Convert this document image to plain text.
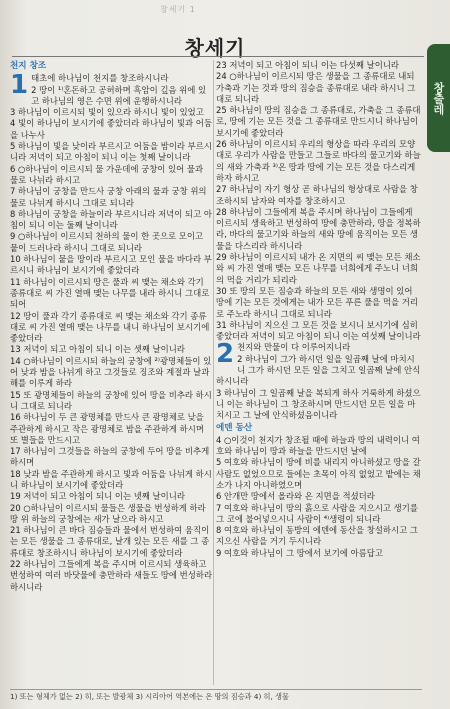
창세기 1
창세기
창출레
천지 창조
1 태초에 하나님이 천지를 창조하시니라
2 땅이 ¹⁾혼돈하고 공허하며 흑암이 깊음 위에 있고 하나님의 영은 수면 위에 운행하시니라
3 하나님이 이르시되 빛이 있으라 하시니 빛이 있었고
4 빛이 하나님이 보시기에 좋았더라 하나님이 빛과 어둠을 나누사
5 하나님이 빛을 낮이라 부르시고 어둠을 밤이라 부르시니라 저녁이 되고 아침이 되니 이는 첫째 날이니라
6 ○하나님이 이르시되 물 가운데에 궁창이 있어 물과 물로 나뉘라 하시고
7 하나님이 궁창을 만드사 궁창 아래의 물과 궁창 위의 물로 나뉘게 하시니 그대로 되니라
8 하나님이 궁창을 하늘이라 부르시니라 저녁이 되고 아침이 되니 이는 둘째 날이니라
9 ○하나님이 이르시되 천하의 물이 한 곳으로 모이고 뭍이 드러나라 하시니 그대로 되니라
10 하나님이 뭍을 땅이라 부르시고 모인 물을 바다라 부르시니 하나님이 보시기에 좋았더라
11 하나님이 이르시되 땅은 풀과 씨 맺는 채소와 각기 종류대로 씨 가진 열매 맺는 나무를 내라 하시니 그대로 되어
12 땅이 풀과 각기 종류대로 씨 맺는 채소와 각기 종류대로 씨 가진 열매 맺는 나무를 내니 하나님이 보시기에 좋았더라
13 저녁이 되고 아침이 되니 이는 셋째 날이니라
14 ○하나님이 이르시되 하늘의 궁창에 ²⁾광명체들이 있어 낮과 밤을 나뉘게 하고 그것들로 징조와 계절과 날과 해를 이루게 하라
15 또 광명체들이 하늘의 궁창에 있어 땅을 비추라 하시니 그대로 되니라
16 하나님이 두 큰 광명체를 만드사 큰 광명체로 낮을 주관하게 하시고 작은 광명체로 밤을 주관하게 하시며 또 별들을 만드시고
17 하나님이 그것들을 하늘의 궁창에 두어 땅을 비추게 하시며
18 낮과 밤을 주관하게 하시고 빛과 어둠을 나뉘게 하시니 하나님이 보시기에 좋았더라
19 저녁이 되고 아침이 되니 이는 넷째 날이니라
20 ○하나님이 이르시되 물들은 생물을 번성하게 하라 땅 위 하늘의 궁창에는 새가 날으라 하시고
21 하나님이 큰 바다 짐승들과 물에서 번성하여 움직이는 모든 생물을 그 종류대로, 날개 있는 모든 새를 그 종류대로 창조하시니 하나님이 보시기에 좋았더라
22 하나님이 그들에게 복을 주시며 이르시되 생육하고 번성하여 여러 바닷물에 충만하라 새들도 땅에 번성하라 하시니라
23 저녁이 되고 아침이 되니 이는 다섯째 날이니라
24 ○하나님이 이르시되 땅은 생물을 그 종류대로 내되 가축과 기는 것과 땅의 짐승을 종류대로 내라 하시니 그대로 되니라
25 하나님이 땅의 짐승을 그 종류대로, 가축을 그 종류대로, 땅에 기는 모든 것을 그 종류대로 만드시니 하나님이 보시기에 좋았더라
26 하나님이 이르시되 우리의 형상을 따라 우리의 모양대로 우리가 사람을 만들고 그들로 바다의 물고기와 하늘의 새와 가축과 ³⁾온 땅과 땅에 기는 모든 것을 다스리게 하자 하시고
27 하나님이 자기 형상 곧 하나님의 형상대로 사람을 창조하시되 남자와 여자를 창조하시고
28 하나님이 그들에게 복을 주시며 하나님이 그들에게 이르시되 생육하고 번성하여 땅에 충만하라, 땅을 정복하라, 바다의 물고기와 하늘의 새와 땅에 움직이는 모든 생물을 다스리라 하시니라
29 하나님이 이르시되 내가 온 지면의 씨 맺는 모든 채소와 씨 가진 열매 맺는 모든 나무를 너희에게 주노니 너희의 먹을 거리가 되리라
30 또 땅의 모든 짐승과 하늘의 모든 새와 생명이 있어 땅에 기는 모든 것에게는 내가 모든 푸른 풀을 먹을 거리로 주노라 하시니 그대로 되니라
31 하나님이 지으신 그 모든 것을 보시니 보시기에 심히 좋았더라 저녁이 되고 아침이 되니 이는 여섯째 날이니라
2 천지와 만물이 다 이루어지니라
2 하나님이 그가 하시던 일을 일곱째 날에 마치시니 그가 하시던 모든 일을 그치고 일곱째 날에 안식하시니라
3 하나님이 그 일곱째 날을 복되게 하사 거룩하게 하셨으니 이는 하나님이 그 창조하시며 만드시던 모든 일을 마치시고 그 날에 안식하셨음이니라
에덴 동산
4 ○이것이 천지가 창조될 때에 하늘과 땅의 내력이니 여호와 하나님이 땅과 하늘을 만드시던 날에
5 여호와 하나님이 땅에 비를 내리지 아니하셨고 땅을 갈 사람도 없었으므로 들에는 초목이 아직 없었고 밭에는 채소가 나지 아니하였으며
6 안개만 땅에서 올라와 온 지면을 적셨더라
7 여호와 하나님이 땅의 흙으로 사람을 지으시고 생기를 그 코에 불어넣으시니 사람이 ⁴⁾생령이 되니라
8 여호와 하나님이 동방의 에덴에 동산을 창설하시고 그 지으신 사람을 거기 두시니라
9 여호와 하나님이 그 땅에서 보기에 아름답고
1) 또는 형체가 없는 2) 히, 또는 발광체 3) 시리아어 역본에는 온 땅의 짐승과 4) 히, 생물
